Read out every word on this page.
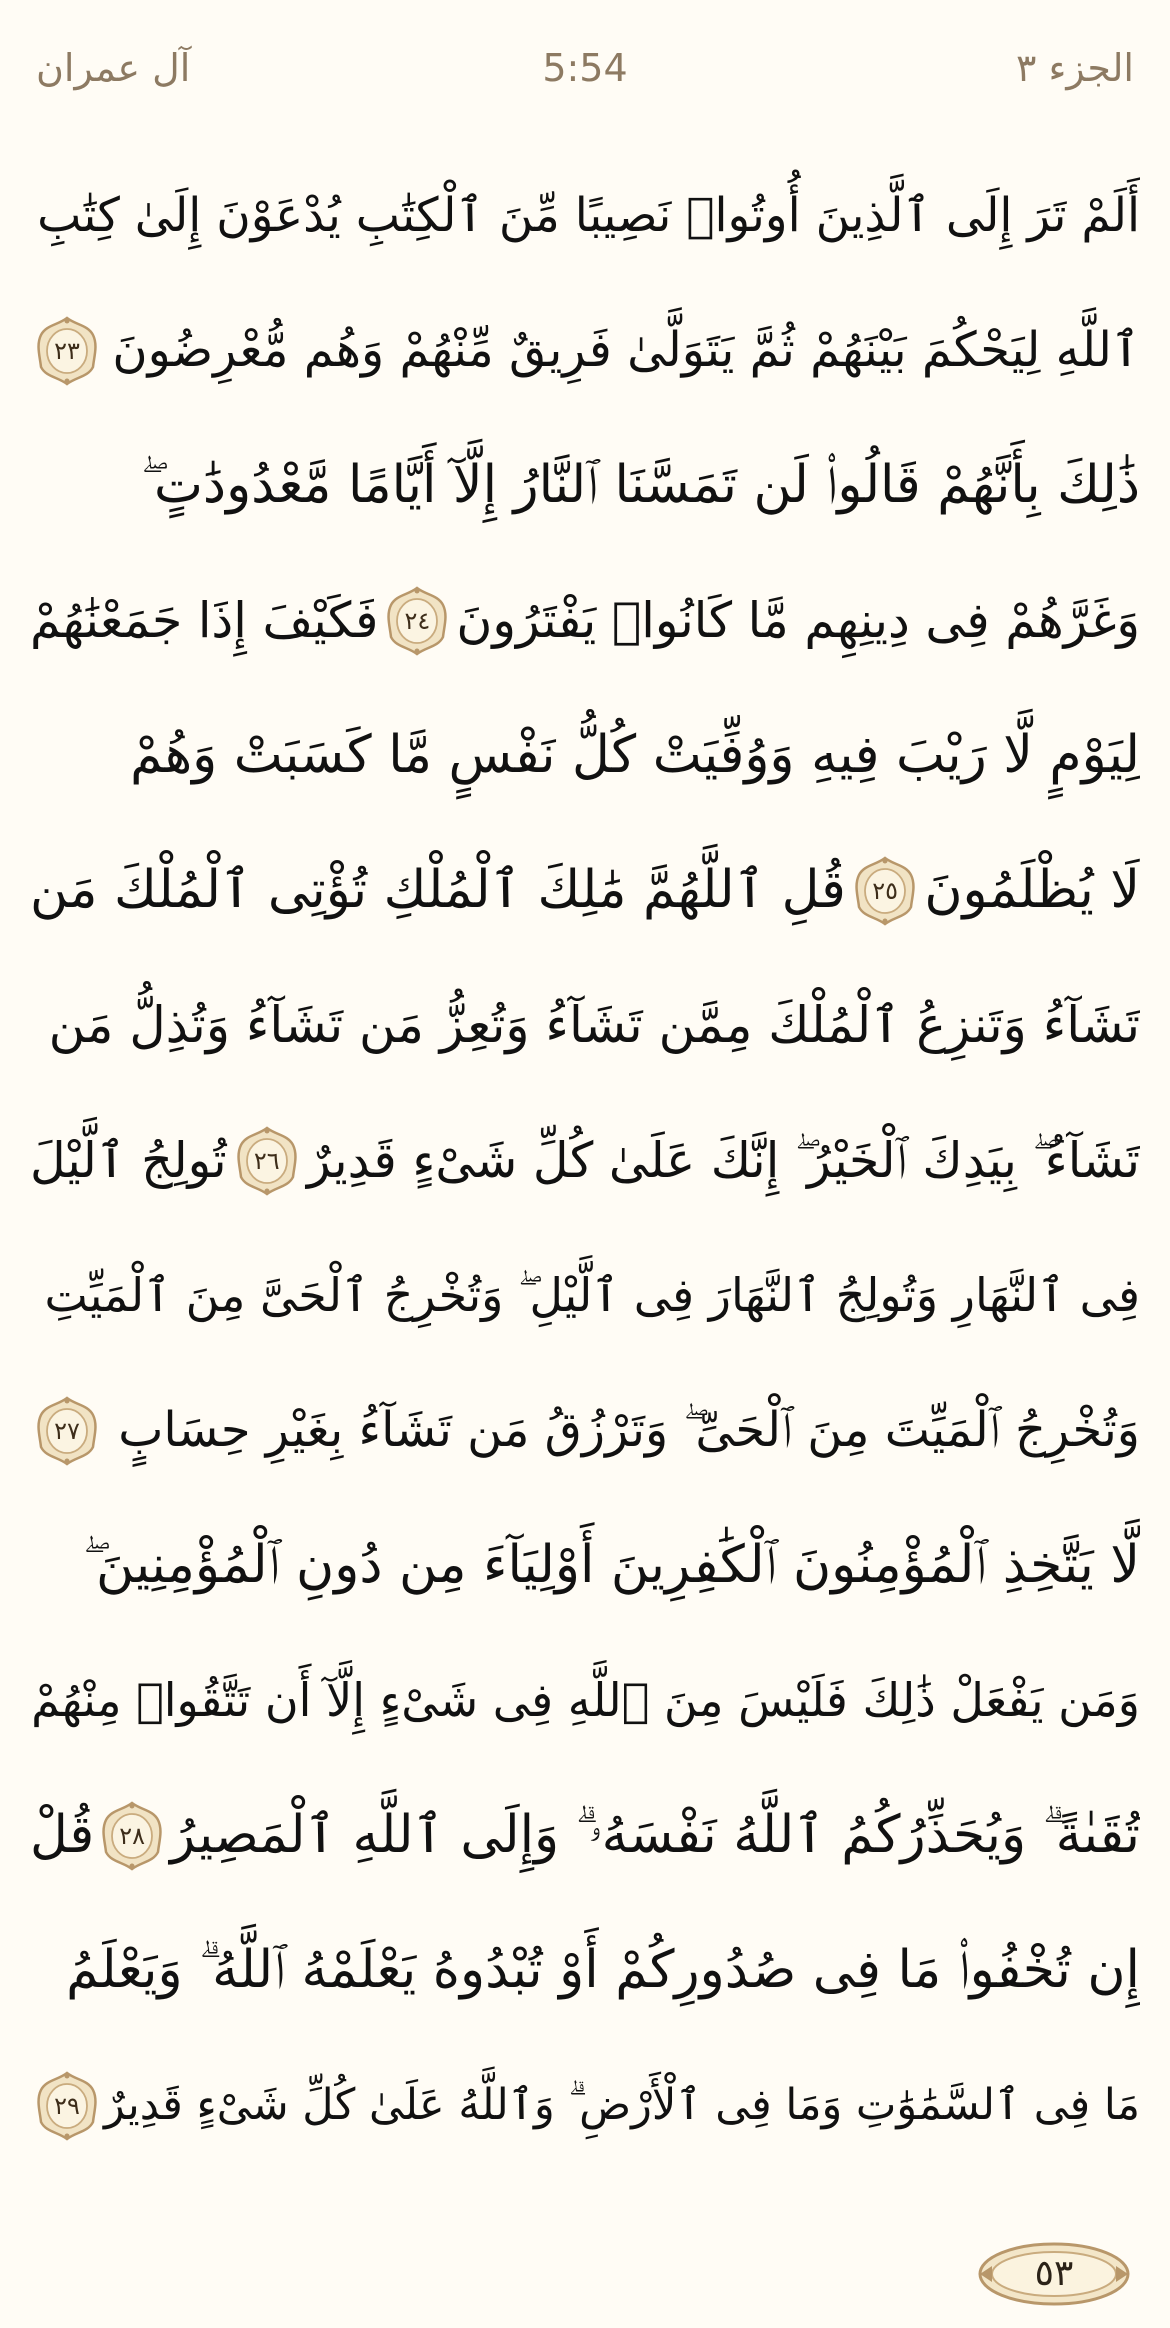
آل عمران	5:54	الجزء ٣
أَلَمْ تَرَ إِلَى ٱلَّذِينَ أُوتُوا۟ نَصِيبًا مِّنَ ٱلْكِتَٰبِ يُدْعَوْنَ إِلَىٰ كِتَٰبِ
ٱللَّهِ لِيَحْكُمَ بَيْنَهُمْ ثُمَّ يَتَوَلَّىٰ فَرِيقٌ مِّنْهُمْ وَهُم مُّعْرِضُونَ
٢٣
ذَٰلِكَ بِأَنَّهُمْ قَالُوا۟ لَن تَمَسَّنَا ٱلنَّارُ إِلَّآ أَيَّامًا مَّعْدُودَٰتٍ ۖ
وَغَرَّهُمْ فِى دِينِهِم مَّا كَانُوا۟ يَفْتَرُونَ
٢٤
فَكَيْفَ إِذَا جَمَعْنَٰهُمْ
لِيَوْمٍ لَّا رَيْبَ فِيهِ وَوُفِّيَتْ كُلُّ نَفْسٍ مَّا كَسَبَتْ وَهُمْ
لَا يُظْلَمُونَ
٢٥
قُلِ ٱللَّهُمَّ مَٰلِكَ ٱلْمُلْكِ تُؤْتِى ٱلْمُلْكَ مَن
تَشَآءُ وَتَنزِعُ ٱلْمُلْكَ مِمَّن تَشَآءُ وَتُعِزُّ مَن تَشَآءُ وَتُذِلُّ مَن
تَشَآءُ ۖ بِيَدِكَ ٱلْخَيْرُ ۖ إِنَّكَ عَلَىٰ كُلِّ شَىْءٍ قَدِيرٌ
٢٦
تُولِجُ ٱلَّيْلَ
فِى ٱلنَّهَارِ وَتُولِجُ ٱلنَّهَارَ فِى ٱلَّيْلِ ۖ وَتُخْرِجُ ٱلْحَىَّ مِنَ ٱلْمَيِّتِ
وَتُخْرِجُ ٱلْمَيِّتَ مِنَ ٱلْحَىِّ ۖ وَتَرْزُقُ مَن تَشَآءُ بِغَيْرِ حِسَابٍ
٢٧
لَّا يَتَّخِذِ ٱلْمُؤْمِنُونَ ٱلْكَٰفِرِينَ أَوْلِيَآءَ مِن دُونِ ٱلْمُؤْمِنِينَ ۖ
وَمَن يَفْعَلْ ذَٰلِكَ فَلَيْسَ مِنَ ٱللَّهِ فِى شَىْءٍ إِلَّآ أَن تَتَّقُوا۟ مِنْهُمْ
تُقَىٰةً ۗ وَيُحَذِّرُكُمُ ٱللَّهُ نَفْسَهُۥ ۗ وَإِلَى ٱللَّهِ ٱلْمَصِيرُ
٢٨
قُلْ
إِن تُخْفُوا۟ مَا فِى صُدُورِكُمْ أَوْ تُبْدُوهُ يَعْلَمْهُ ٱللَّهُ ۗ وَيَعْلَمُ
مَا فِى ٱلسَّمَٰوَٰتِ وَمَا فِى ٱلْأَرْضِ ۗ وَٱللَّهُ عَلَىٰ كُلِّ شَىْءٍ قَدِيرٌ
٢٩
٥٣
